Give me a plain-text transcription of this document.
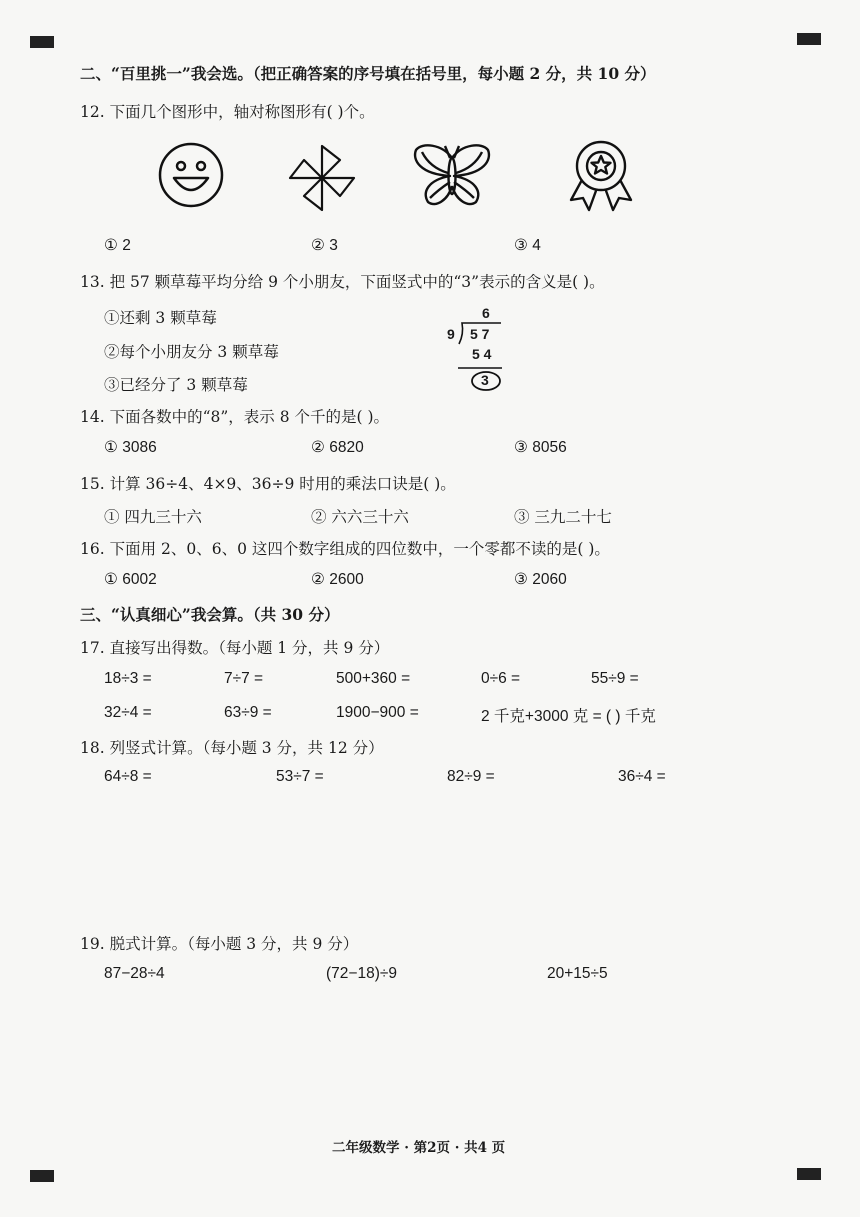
二、“百里挑一”我会选。（把正确答案的序号填在括号里，每小题 2 分，共 10 分）
12. 下面几个图形中，轴对称图形有( )个。
① 2	② 3	③ 4
13. 把 57 颗草莓平均分给 9 个小朋友，下面竖式中的“3”表示的含义是( )。
①还剩 3 颗草莓
②每个小朋友分 3 颗草莓
③已经分了 3 颗草莓
6
9 5 7
5 4
3
14. 下面各数中的“8”，表示 8 个千的是( )。
① 3086	② 6820	③ 8056
15. 计算 36÷4、4×9、36÷9 时用的乘法口诀是( )。
① 四九三十六	② 六六三十六	③ 三九二十七
16. 下面用 2、0、6、0 这四个数字组成的四位数中，一个零都不读的是( )。
① 6002	② 2600	③ 2060
三、“认真细心”我会算。（共 30 分）
17. 直接写出得数。（每小题 1 分，共 9 分）
18÷3 =	7÷7 =	500+360 =	0÷6 =	55÷9 =
32÷4 =	63÷9 =	1900−900 =	2 千克+3000 克 = ( ) 千克
18. 列竖式计算。（每小题 3 分，共 12 分）
64÷8 =	53÷7 =	82÷9 =	36÷4 =
19. 脱式计算。（每小题 3 分，共 9 分）
87−28÷4	(72−18)÷9	20+15÷5
二年级数学 · 第2页 · 共4 页
